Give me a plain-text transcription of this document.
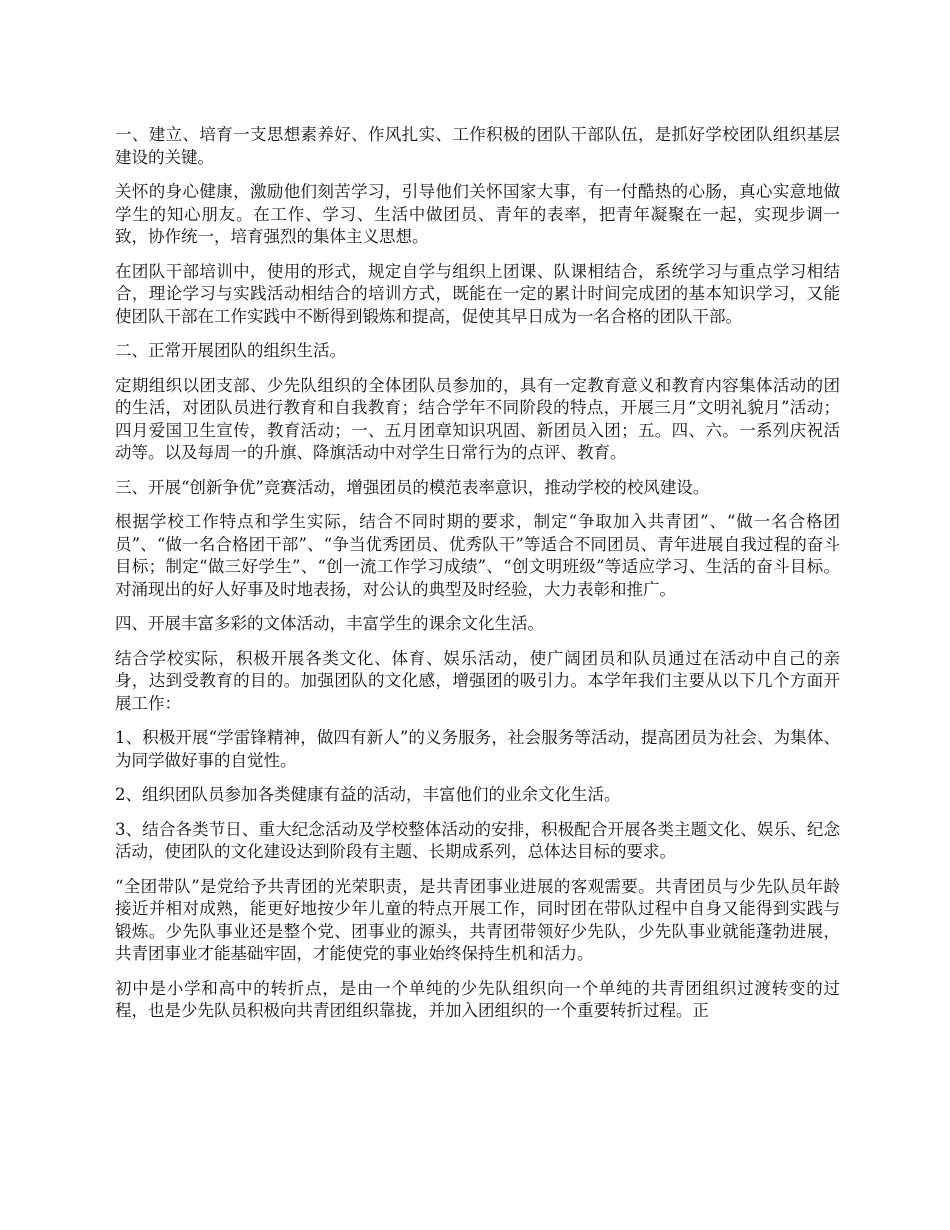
一、建立、培育一支思想素养好、作风扎实、工作积极的团队干部队伍，是抓好学校团队组织基层建设的关键。

关怀的身心健康，激励他们刻苦学习，引导他们关怀国家大事，有一付酷热的心肠，真心实意地做学生的知心朋友。在工作、学习、生活中做团员、青年的表率，把青年凝聚在一起，实现步调一致，协作统一，培育强烈的集体主义思想。

在团队干部培训中，使用的形式，规定自学与组织上团课、队课相结合，系统学习与重点学习相结合，理论学习与实践活动相结合的培训方式，既能在一定的累计时间完成团的基本知识学习，又能使团队干部在工作实践中不断得到锻炼和提高，促使其早日成为一名合格的团队干部。

二、正常开展团队的组织生活。

定期组织以团支部、少先队组织的全体团队员参加的，具有一定教育意义和教育内容集体活动的团的生活，对团队员进行教育和自我教育；结合学年不同阶段的特点，开展三月“文明礼貌月”活动；四月爱国卫生宣传，教育活动；一、五月团章知识巩固、新团员入团；五。四、六。一系列庆祝活动等。以及每周一的升旗、降旗活动中对学生日常行为的点评、教育。

三、开展“创新争优”竞赛活动，增强团员的模范表率意识，推动学校的校风建设。

根据学校工作特点和学生实际，结合不同时期的要求，制定“争取加入共青团”、“做一名合格团员”、“做一名合格团干部”、“争当优秀团员、优秀队干”等适合不同团员、青年进展自我过程的奋斗目标；制定“做三好学生”、“创一流工作学习成绩”、“创文明班级”等适应学习、生活的奋斗目标。对涌现出的好人好事及时地表扬，对公认的典型及时经验，大力表彰和推广。

四、开展丰富多彩的文体活动，丰富学生的课余文化生活。

结合学校实际，积极开展各类文化、体育、娱乐活动，使广阔团员和队员通过在活动中自己的亲身，达到受教育的目的。加强团队的文化感，增强团的吸引力。本学年我们主要从以下几个方面开展工作：

1、积极开展“学雷锋精神，做四有新人”的义务服务，社会服务等活动，提高团员为社会、为集体、为同学做好事的自觉性。

2、组织团队员参加各类健康有益的活动，丰富他们的业余文化生活。

3、结合各类节日、重大纪念活动及学校整体活动的安排，积极配合开展各类主题文化、娱乐、纪念活动，使团队的文化建设达到阶段有主题、长期成系列，总体达目标的要求。

“全团带队”是党给予共青团的光荣职责，是共青团事业进展的客观需要。共青团员与少先队员年龄接近并相对成熟，能更好地按少年儿童的特点开展工作，同时团在带队过程中自身又能得到实践与锻炼。少先队事业还是整个党、团事业的源头，共青团带领好少先队，少先队事业就能蓬勃进展，共青团事业才能基础牢固，才能使党的事业始终保持生机和活力。

初中是小学和高中的转折点，是由一个单纯的少先队组织向一个单纯的共青团组织过渡转变的过程，也是少先队员积极向共青团组织靠拢，并加入团组织的一个重要转折过程。正
